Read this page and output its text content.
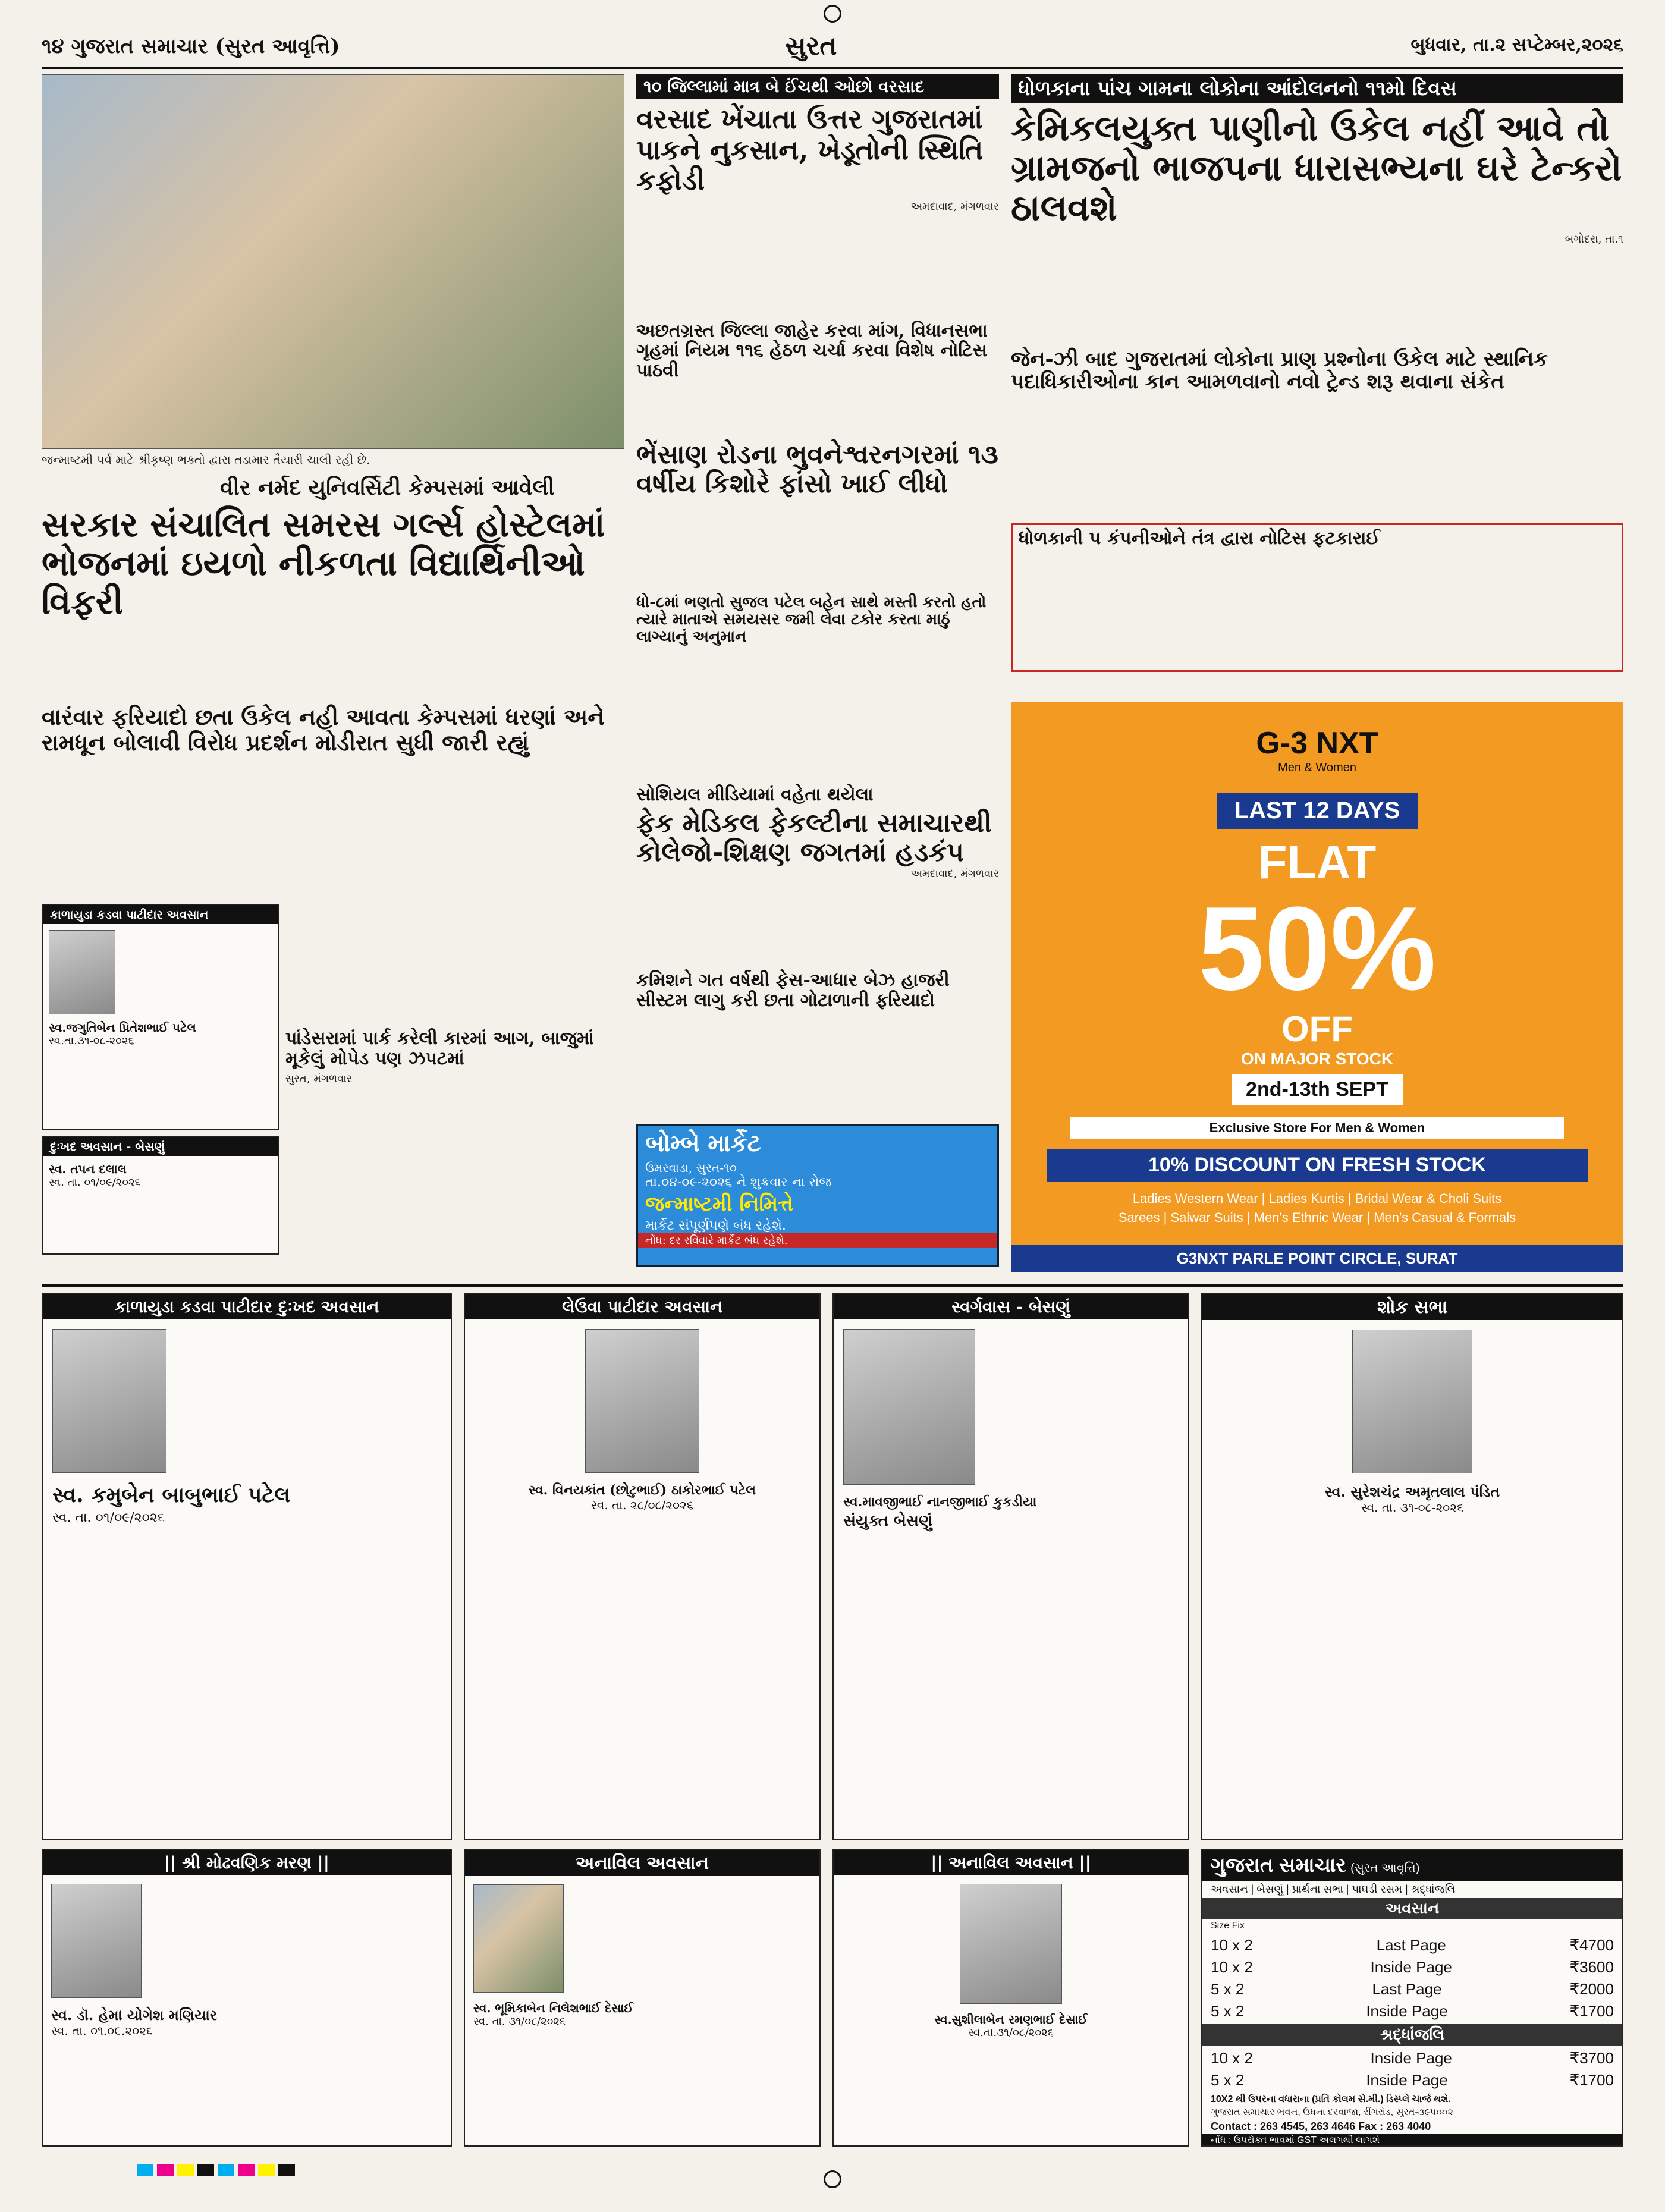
૧૪ ગુજરાત સમાચાર (સુરત આવૃત્તિ)	સુરત	બુધવાર, તા.૨ સપ્ટેમ્બર,૨૦૨૬
જન્માષ્ટમી પર્વ માટે શ્રીકૃષ્ણ ભક્તો દ્વારા તડામાર તૈયારી ચાલી રહી છે.
૧૦ જિલ્લામાં માત્ર બે ઈંચથી ઓછો વરસાદ
વરસાદ ખેંચાતા ઉત્તર ગુજરાતમાં પાકને નુકસાન, ખેડૂતોની સ્થિતિ કફોડી
અમદાવાદ, મંગળવાર
અછતગ્રસ્ત જિલ્લા જાહેર કરવા માંગ, વિધાનસભા ગૃહમાં નિયમ ૧૧૬ હેઠળ ચર્ચા કરવા વિશેષ નોટિસ પાઠવી
ધોળકાના પાંચ ગામના લોકોના આંદોલનનો ૧૧મો દિવસ
કેમિકલયુક્ત પાણીનો ઉકેલ નહીં આવે તો ગ્રામજનો ભાજપના ધારાસભ્યના ઘરે ટેન્કરો ઠાલવશે
બગોદરા, તા.૧
જેન-ઝી બાદ ગુજરાતમાં લોકોના પ્રાણ પ્રશ્નોના ઉકેલ માટે સ્થાનિક પદાધિકારીઓના કાન આમળવાનો નવો ટ્રેન્ડ શરૂ થવાના સંકેત
ધોળકાની ૫ કંપનીઓને તંત્ર દ્વારા નોટિસ ફટકારાઈ
વીર નર્મદ યુનિવર્સિટી કેમ્પસમાં આવેલી
સરકાર સંચાલિત સમરસ ગર્લ્સ હોસ્ટેલમાં ભોજનમાં ઇયળો નીકળતા વિદ્યાર્થિનીઓ વિફરી
વારંવાર ફરિયાદો છતા ઉકેલ નહી આવતા કેમ્પસમાં ધરણાં અને રામધૂન બોલાવી વિરોધ પ્રદર્શન મોડીરાત સુધી જારી રહ્યું
ભેંસાણ રોડના ભુવનેશ્વરનગરમાં ૧૩ વર્ષીય કિશોરે ફાંસો ખાઈ લીધો
ધો-૮માં ભણતો સુજલ પટેલ બહેન સાથે મસ્તી કરતો હતો ત્યારે માતાએ સમયસર જમી લેવા ટકોર કરતા માઠું લાગ્યાનું અનુમાન
સોશિયલ મીડિયામાં વહેતા થયેલા
ફેક મેડિકલ ફેકલ્ટીના સમાચારથી કોલેજો-શિક્ષણ જગતમાં હડકંપ
અમદાવાદ, મંગળવાર
કમિશને ગત વર્ષથી ફેસ-આધાર બેઝ હાજરી સીસ્ટમ લાગુ કરી છતા ગોટાળાની ફરિયાદો
પાંડેસરામાં પાર્ક કરેલી કારમાં આગ, બાજુમાં મૂકેલું મોપેડ પણ ઝપટમાં
સુરત, મંગળવાર
કાળાયુડા કડવા પાટીદાર અવસાન
સ્વ.જગુતિબેન પ્રિતેશભાઈ પટેલ
સ્વ.તા.૩૧-૦૮-૨૦૨૬
દુઃખદ અવસાન - બેસણું
સ્વ. તપન દલાલ
સ્વ. તા. ૦૧/૦૯/૨૦૨૬
બોમ્બે માર્કેટ
ઉમરવાડા, સુરત-૧૦
તા.૦૪-૦૯-૨૦૨૬ ને શુક્રવાર ના રોજ
જન્માષ્ટમી નિમિત્તે
માર્કેટ સંપૂર્ણપણે બંધ રહેશે.
નોંધ: દર રવિવારે માર્કેટ બંધ રહેશે.
G-3 NXT
Men & Women
LAST 12 DAYS
FLAT
50%
OFF
ON MAJOR STOCK
2nd-13th SEPT
Exclusive Store For Men & Women
10% DISCOUNT ON FRESH STOCK
Ladies Western Wear | Ladies Kurtis | Bridal Wear & Choli Suits
Sarees | Salwar Suits | Men's Ethnic Wear | Men's Casual & Formals
G3NXT PARLE POINT CIRCLE, SURAT
કાળાયુડા કડવા પાટીદાર દુઃખદ અવસાન
સ્વ. કમુબેન બાબુભાઈ પટેલ
સ્વ. તા. ૦૧/૦૯/૨૦૨૬
લેઉવા પાટીદાર અવસાન
સ્વ. વિનયકાંત (છોટુભાઈ) ઠાકોરભાઈ પટેલ
સ્વ. તા. ૨૮/૦૮/૨૦૨૬
સ્વર્ગવાસ - બેસણું
સ્વ.માવજીભાઈ નાનજીભાઈ કુકડીયા
સંયુક્ત બેસણું
શોક સભા
સ્વ. સુરેશચંદ્ર અમૃતલાલ પંડિત
સ્વ. તા. ૩૧-૦૮-૨૦૨૬
|| શ્રી મોઢવણિક મરણ ||
સ્વ. ડૉ. હેમા યોગેશ મણિયાર
સ્વ. તા. ૦૧.૦૯.૨૦૨૬
અનાવિલ અવસાન
સ્વ. ભૂમિકાબેન નિલેશભાઈ દેસાઈ
સ્વ. તા. ૩૧/૦૮/૨૦૨૬
|| અનાવિલ અવસાન ||
સ્વ.સુશીલાબેન રમણભાઈ દેસાઈ
સ્વ.તા.૩૧/૦૮/૨૦૨૬
ગુજરાત સમાચાર (સુરત આવૃત્તિ)
અવસાન | બેસણું | પ્રાર્થના સભા | પાઘડી રસમ | શ્રદ્ધાંજલિ
અવસાન
Size Fix
10 x 2	Last Page	₹4700
10 x 2	Inside Page	₹3600
5 x 2	Last Page	₹2000
5 x 2	Inside Page	₹1700
શ્રદ્ધાંજલિ
10 x 2	Inside Page	₹3700
5 x 2	Inside Page	₹1700
10X2 થી ઉપરના વધારાના (પ્રતિ કોલમ સે.મી.) ડિસ્પ્લે ચાર્જ થશે.
ગુજરાત સમાચાર ભવન, ઉધના દરવાજા, રીંગરોડ, સુરત-૩૯૫૦૦૨
Contact : 263 4545, 263 4646 Fax : 263 4040
નોંધ : ઉપરોક્ત ભાવમાં GST અલગથી લાગશે
